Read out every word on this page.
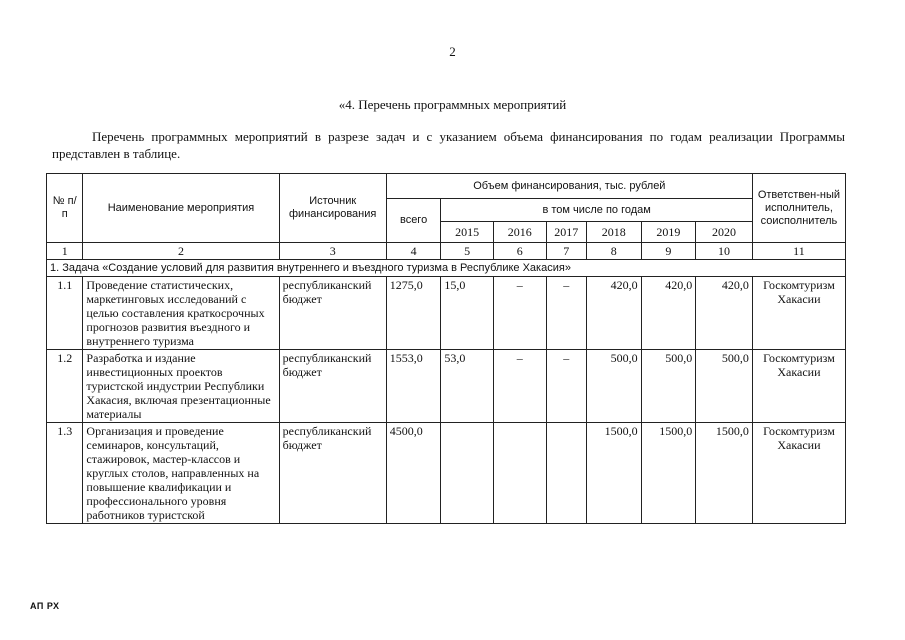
2
«4. Перечень программных мероприятий
Перечень программных мероприятий в разрезе задач и с указанием объема финансирования по годам реализации Программы представлен в таблице.
№ п/п	Наименование мероприятия	Источник финансирования	Объем финансирования, тыс. рублей							Ответствен-ный исполнитель, соисполнитель
			всего	в том числе по годам						
				2015	2016	2017	2018	2019	2020	
1	2	3	4	5	6	7	8	9	10	11
1. Задача «Создание условий для развития внутреннего и въездного туризма в Республике Хакасия»										
1.1	Проведение статистических, маркетинговых исследований с целью составления краткосрочных прогнозов развития въездного и внутреннего туризма	республиканский бюджет	1275,0	15,0	–	–	420,0	420,0	420,0	Госкомтуризм Хакасии
1.2	Разработка и издание инвестиционных проектов туристской индустрии Республики Хакасия, включая презентационные материалы	республиканский бюджет	1553,0	53,0	–	–	500,0	500,0	500,0	Госкомтуризм Хакасии
1.3	Организация и проведение семинаров, консультаций, стажировок, мастер-классов и круглых столов, направленных на повышение квалификации и профессионального уровня работников туристской	республиканский бюджет	4500,0				1500,0	1500,0	1500,0	Госкомтуризм Хакасии
АП РХ
